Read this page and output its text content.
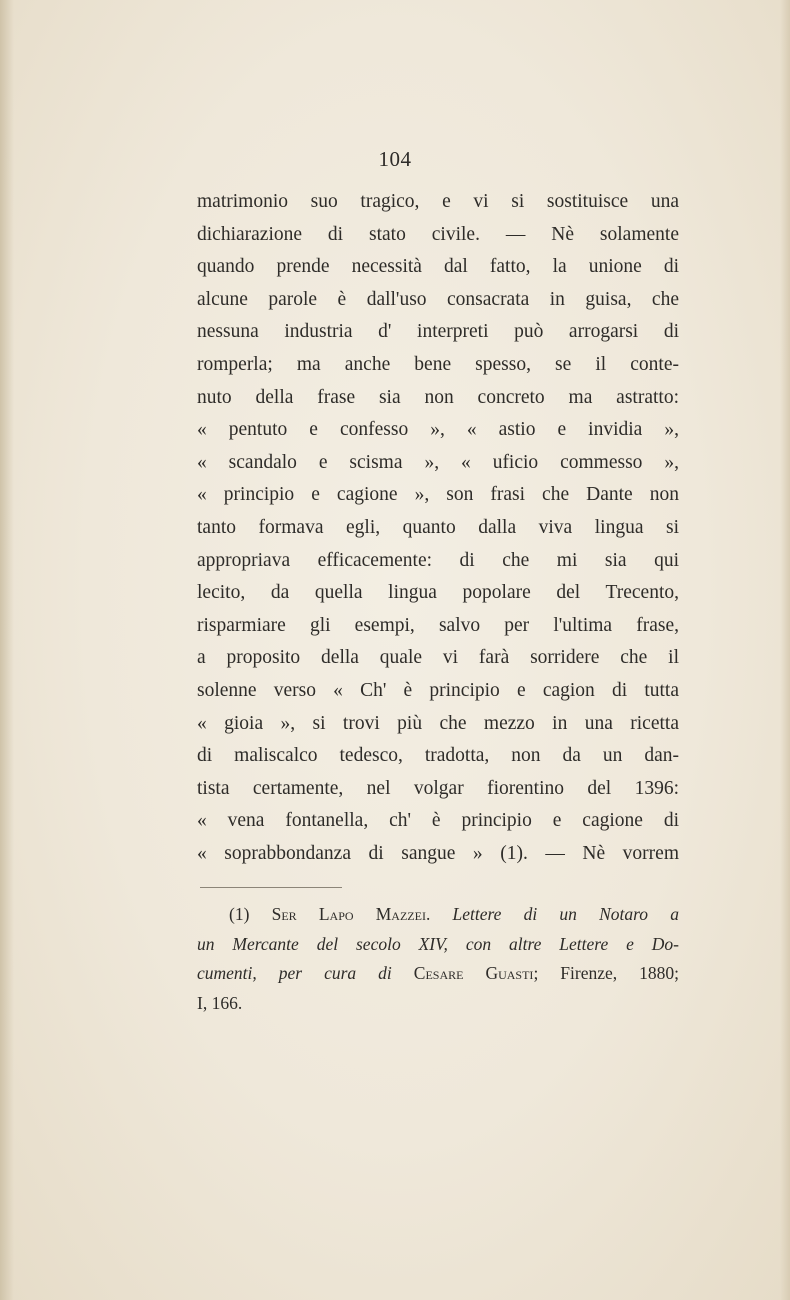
104
matrimonio suo tragico, e vi si sostituisce una
dichiarazione di stato civile. — Nè solamente
quando prende necessità dal fatto, la unione di
alcune parole è dall'uso consacrata in guisa, che
nessuna industria d' interpreti può arrogarsi di
romperla; ma anche bene spesso, se il conte-
nuto della frase sia non concreto ma astratto:
« pentuto e confesso », « astio e invidia »,
« scandalo e scisma », « uficio commesso »,
« principio e cagione », son frasi che Dante non
tanto formava egli, quanto dalla viva lingua si
appropriava efficacemente: di che mi sia qui
lecito, da quella lingua popolare del Trecento,
risparmiare gli esempi, salvo per l'ultima frase,
a proposito della quale vi farà sorridere che il
solenne verso « Ch' è principio e cagion di tutta
« gioia », si trovi più che mezzo in una ricetta
di maliscalco tedesco, tradotta, non da un dan-
tista certamente, nel volgar fiorentino del 1396:
« vena fontanella, ch' è principio e cagione di
« soprabbondanza di sangue » (1). — Nè vorrem
(1) Ser Lapo Mazzei. Lettere di un Notaro a
un Mercante del secolo XIV, con altre Lettere e Do-
cumenti, per cura di Cesare Guasti; Firenze, 1880;
I, 166.
